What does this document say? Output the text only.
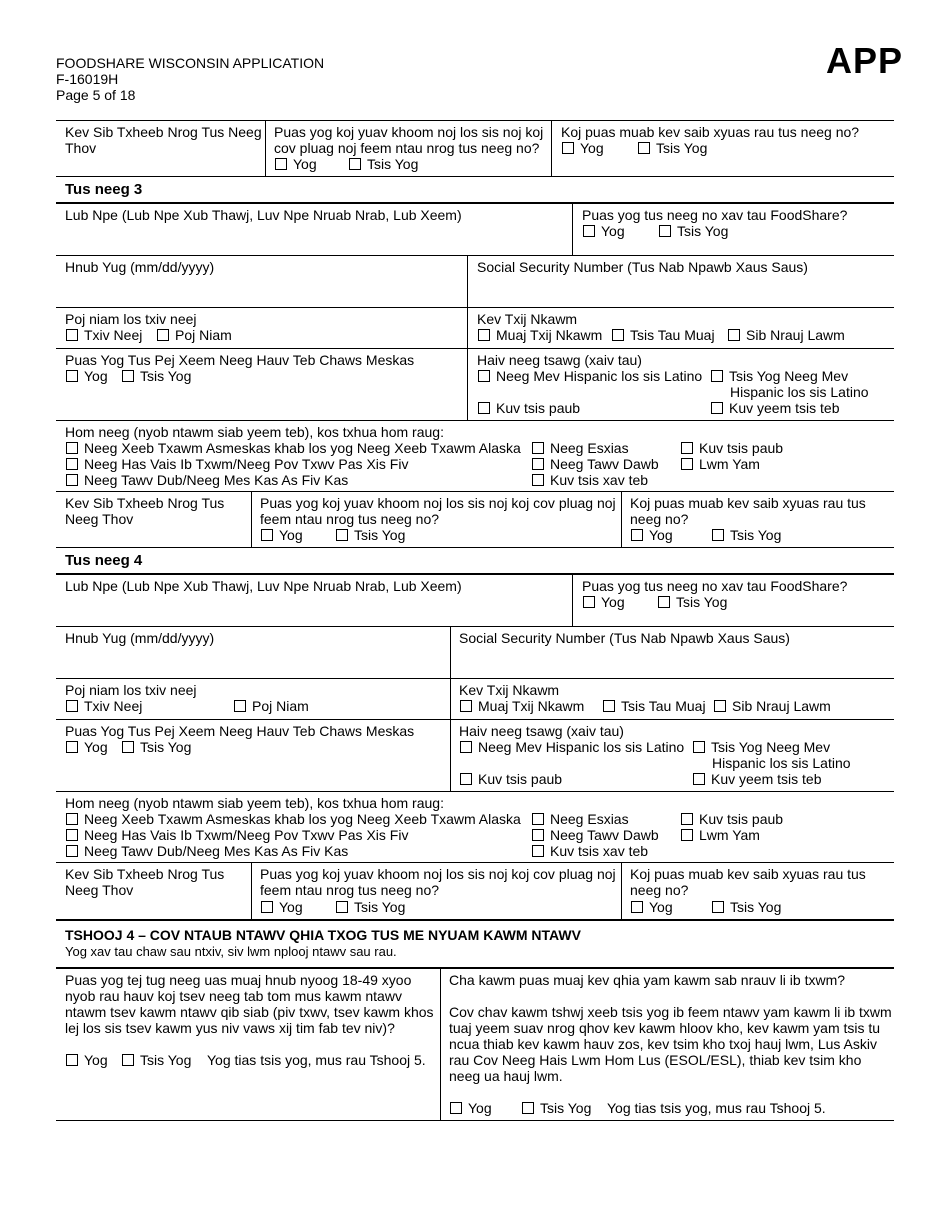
FOODSHARE WISCONSIN APPLICATION
F-16019H
Page 5 of 18
APP
Kev Sib Txheeb Nrog Tus Neeg Thov
Puas yog koj yuav khoom noj los sis noj koj cov pluag noj feem ntau nrog tus neeg no?
Yog	Tsis Yog
Koj puas muab kev saib xyuas rau tus neeg no?
Yog	Tsis Yog
Tus neeg 3
Lub Npe (Lub Npe Xub Thawj, Luv Npe Nruab Nrab, Lub Xeem)	Puas yog tus neeg no xav tau FoodShare?
Yog	Tsis Yog
Hnub Yug (mm/dd/yyyy)	Social Security Number (Tus Nab Npawb Xaus Saus)
Poj niam los txiv neej
Txiv Neej	Poj Niam
Kev Txij Nkawm
Muaj Txij Nkawm	Tsis Tau Muaj	Sib Nrauj Lawm
Puas Yog Tus Pej Xeem Neeg Hauv Teb Chaws Meskas
Yog	Tsis Yog
Haiv neeg tsawg (xaiv tau)
Neeg Mev Hispanic los sis Latino	Tsis Yog Neeg Mev
Hispanic los sis Latino
Kuv tsis paub	Kuv yeem tsis teb
Hom neeg (nyob ntawm siab yeem teb), kos txhua hom raug:
Neeg Xeeb Txawm Asmeskas khab los yog Neeg Xeeb Txawm Alaska
Neeg Has Vais Ib Txwm/Neeg Pov Txwv Pas Xis Fiv
Neeg Tawv Dub/Neeg Mes Kas As Fiv Kas
Neeg Esxias
Neeg Tawv Dawb
Kuv tsis xav teb
Kuv tsis paub
Lwm Yam
Kev Sib Txheeb Nrog Tus Neeg Thov
Puas yog koj yuav khoom noj los sis noj koj cov pluag noj feem ntau nrog tus neeg no?
Yog	Tsis Yog
Koj puas muab kev saib xyuas rau tus neeg no?
Yog	Tsis Yog
Tus neeg 4
Lub Npe (Lub Npe Xub Thawj, Luv Npe Nruab Nrab, Lub Xeem)	Puas yog tus neeg no xav tau FoodShare?
Yog	Tsis Yog
Hnub Yug (mm/dd/yyyy)	Social Security Number (Tus Nab Npawb Xaus Saus)
Poj niam los txiv neej
Txiv Neej	Poj Niam
Kev Txij Nkawm
Muaj Txij Nkawm	Tsis Tau Muaj	Sib Nrauj Lawm
Puas Yog Tus Pej Xeem Neeg Hauv Teb Chaws Meskas
Yog	Tsis Yog
Haiv neeg tsawg (xaiv tau)
Neeg Mev Hispanic los sis Latino	Tsis Yog Neeg Mev
Hispanic los sis Latino
Kuv tsis paub	Kuv yeem tsis teb
Hom neeg (nyob ntawm siab yeem teb), kos txhua hom raug:
Neeg Xeeb Txawm Asmeskas khab los yog Neeg Xeeb Txawm Alaska
Neeg Has Vais Ib Txwm/Neeg Pov Txwv Pas Xis Fiv
Neeg Tawv Dub/Neeg Mes Kas As Fiv Kas
Neeg Esxias
Neeg Tawv Dawb
Kuv tsis xav teb
Kuv tsis paub
Lwm Yam
Kev Sib Txheeb Nrog Tus Neeg Thov
Puas yog koj yuav khoom noj los sis noj koj cov pluag noj feem ntau nrog tus neeg no?
Yog	Tsis Yog
Koj puas muab kev saib xyuas rau tus neeg no?
Yog	Tsis Yog
TSHOOJ 4 – COV NTAUB NTAWV QHIA TXOG TUS ME NYUAM KAWM NTAWV
Yog xav tau chaw sau ntxiv, siv lwm nplooj ntawv sau rau.
Puas yog tej tug neeg uas muaj hnub nyoog 18-49 xyoo nyob rau hauv koj tsev neeg tab tom mus kawm ntawv ntawm tsev kawm ntawv qib siab (piv txwv, tsev kawm khos lej los sis tsev kawm yus niv vaws xij tim fab tev niv)?
Yog	Tsis Yog Yog tias tsis yog, mus rau Tshooj 5.
Cha kawm puas muaj kev qhia yam kawm sab nrauv li ib txwm?
Cov chav kawm tshwj xeeb tsis yog ib feem ntawv yam kawm li ib txwm tuaj yeem suav nrog qhov kev kawm hloov kho, kev kawm yam tsis tu ncua thiab kev kawm hauv zos, kev tsim kho txoj hauj lwm, Lus Askiv rau Cov Neeg Hais Lwm Hom Lus (ESOL/ESL), thiab kev tsim kho neeg ua hauj lwm.
Yog	Tsis Yog Yog tias tsis yog, mus rau Tshooj 5.
